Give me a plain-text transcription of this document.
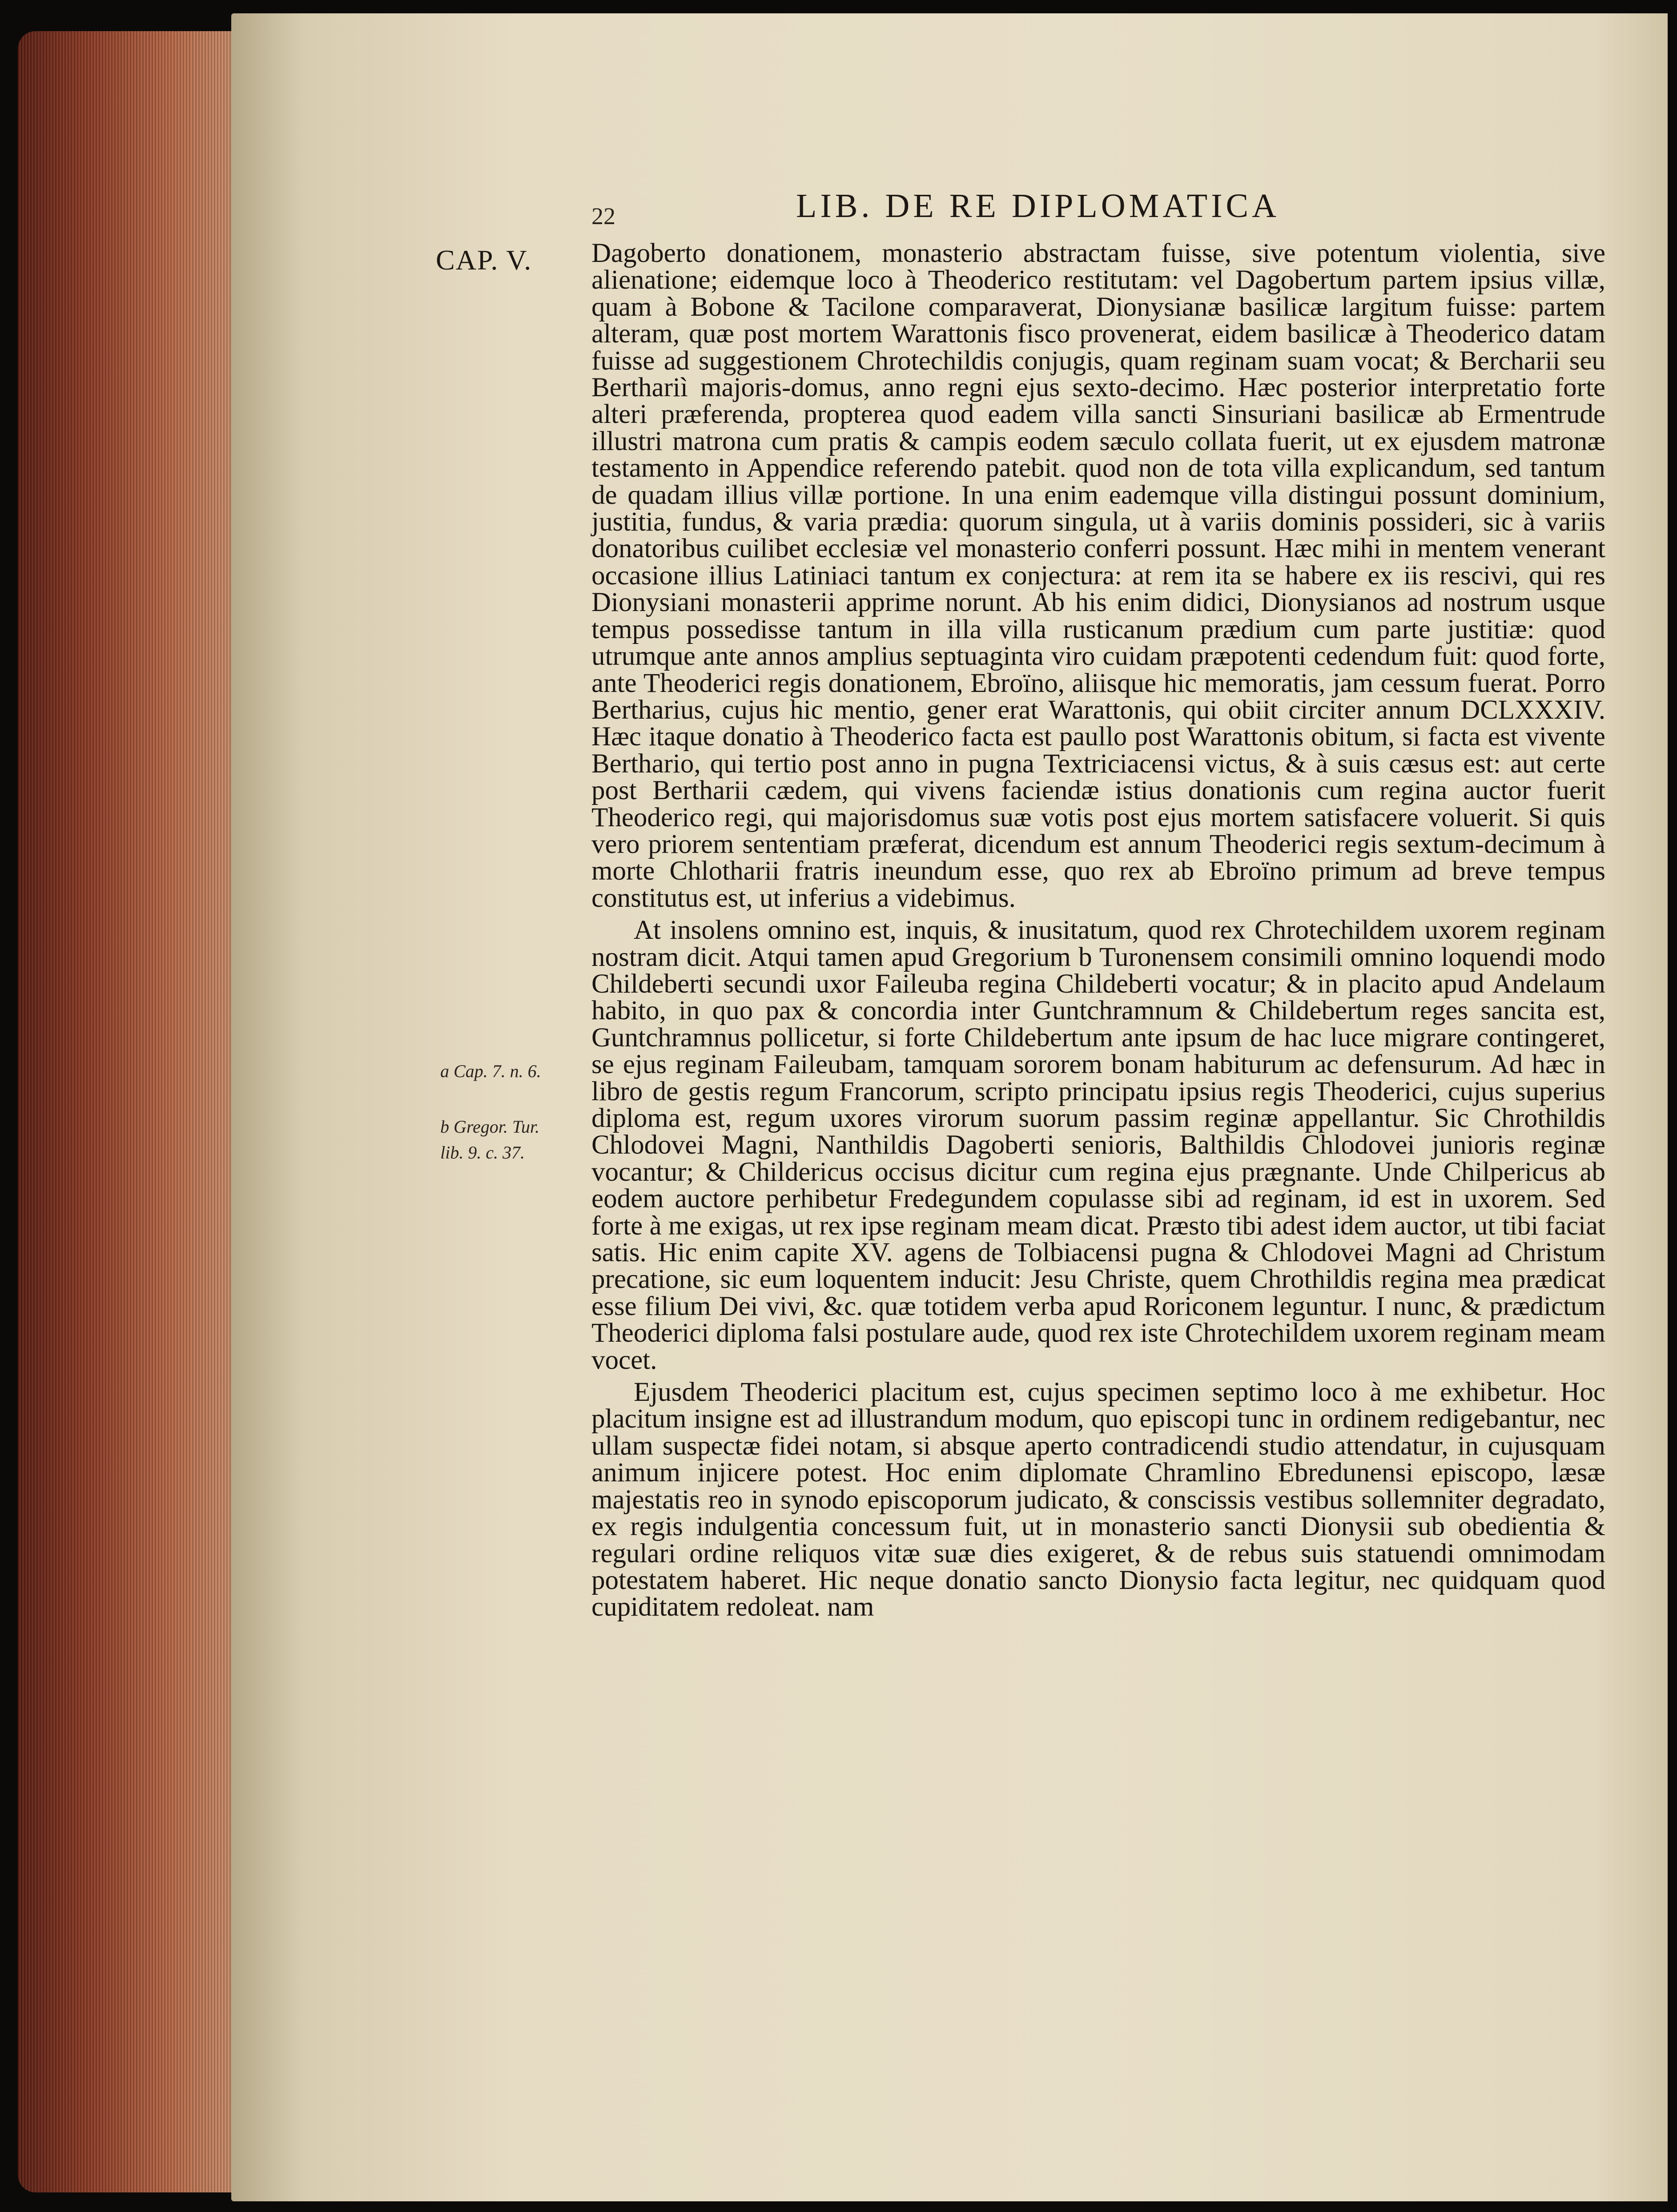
22	LIB. DE RE DIPLOMATICA
CAP. V.
a Cap. 7. n. 6.
b Gregor. Tur.
lib. 9. c. 37.

Dagoberto donationem, monasterio abstractam fuisse, sive potentum violentia, sive alienatione; eidemque loco à Theoderico restitutam: vel Dagobertum partem ipsius villæ, quam à Bobone & Tacilone comparaverat, Dionysianæ basilicæ largitum fuisse: partem alteram, quæ post mortem Warattonis fisco provenerat, eidem basilicæ à Theoderico datam fuisse ad suggestionem Chrotechildis conjugis, quam reginam suam vocat; & Bercharii seu Berthariì majoris-domus, anno regni ejus sexto-decimo. Hæc posterior interpretatio forte alteri præferenda, propterea quod eadem villa sancti Sinsuriani basilicæ ab Ermentrude illustri matrona cum pratis & campis eodem sæculo collata fuerit, ut ex ejusdem matronæ testamento in Appendice referendo patebit. quod non de tota villa explicandum, sed tantum de quadam illius villæ portione. In una enim eademque villa distingui possunt dominium, justitia, fundus, & varia prædia: quorum singula, ut à variis dominis possideri, sic à variis donatoribus cuilibet ecclesiæ vel monasterio conferri possunt. Hæc mihi in mentem venerant occasione illius Latiniaci tantum ex conjectura: at rem ita se habere ex iis rescivi, qui res Dionysiani monasterii apprime norunt. Ab his enim didici, Dionysianos ad nostrum usque tempus possedisse tantum in illa villa rusticanum prædium cum parte justitiæ: quod utrumque ante annos amplius septuaginta viro cuidam præpotenti cedendum fuit: quod forte, ante Theoderici regis donationem, Ebroïno, aliisque hic memoratis, jam cessum fuerat. Porro Bertharius, cujus hic mentio, gener erat Warattonis, qui obiit circiter annum DCLXXXIV. Hæc itaque donatio à Theoderico facta est paullo post Warattonis obitum, si facta est vivente Berthario, qui tertio post anno in pugna Textriciacensi victus, & à suis cæsus est: aut certe post Bertharii cædem, qui vivens faciendæ istius donationis cum regina auctor fuerit Theoderico regi, qui majorisdomus suæ votis post ejus mortem satisfacere voluerit. Si quis vero priorem sententiam præferat, dicendum est annum Theoderici regis sextum-decimum à morte Chlotharii fratris ineundum esse, quo rex ab Ebroïno primum ad breve tempus constitutus est, ut inferius a videbimus.

At insolens omnino est, inquis, & inusitatum, quod rex Chrotechildem uxorem reginam nostram dicit. Atqui tamen apud Gregorium b Turonensem consimili omnino loquendi modo Childeberti secundi uxor Faileuba regina Childeberti vocatur; & in placito apud Andelaum habito, in quo pax & concordia inter Guntchramnum & Childebertum reges sancita est, Guntchramnus pollicetur, si forte Childebertum ante ipsum de hac luce migrare contingeret, se ejus reginam Faileubam, tamquam sororem bonam habiturum ac defensurum. Ad hæc in libro de gestis regum Francorum, scripto principatu ipsius regis Theoderici, cujus superius diploma est, regum uxores virorum suorum passim reginæ appellantur. Sic Chrothildis Chlodovei Magni, Nanthildis Dagoberti senioris, Balthildis Chlodovei junioris reginæ vocantur; & Childericus occisus dicitur cum regina ejus prægnante. Unde Chilpericus ab eodem auctore perhibetur Fredegundem copulasse sibi ad reginam, id est in uxorem. Sed forte à me exigas, ut rex ipse reginam meam dicat. Præsto tibi adest idem auctor, ut tibi faciat satis. Hic enim capite XV. agens de Tolbiacensi pugna & Chlodovei Magni ad Christum precatione, sic eum loquentem inducit: Jesu Christe, quem Chrothildis regina mea prædicat esse filium Dei vivi, &c. quæ totidem verba apud Roriconem leguntur. I nunc, & prædictum Theoderici diploma falsi postulare aude, quod rex iste Chrotechildem uxorem reginam meam vocet.

Ejusdem Theoderici placitum est, cujus specimen septimo loco à me exhibetur. Hoc placitum insigne est ad illustrandum modum, quo episcopi tunc in ordinem redigebantur, nec ullam suspectæ fidei notam, si absque aperto contradicendi studio attendatur, in cujusquam animum injicere potest. Hoc enim diplomate Chramlino Ebredunensi episcopo, læsæ majestatis reo in synodo episcoporum judicato, & conscissis vestibus sollemniter degradato, ex regis indulgentia concessum fuit, ut in monasterio sancti Dionysii sub obedientia & regulari ordine reliquos vitæ suæ dies exigeret, & de rebus suis statuendi omnimodam potestatem haberet. Hic neque donatio sancto Dionysio facta legitur, nec quidquam quod cupiditatem redoleat. nam
